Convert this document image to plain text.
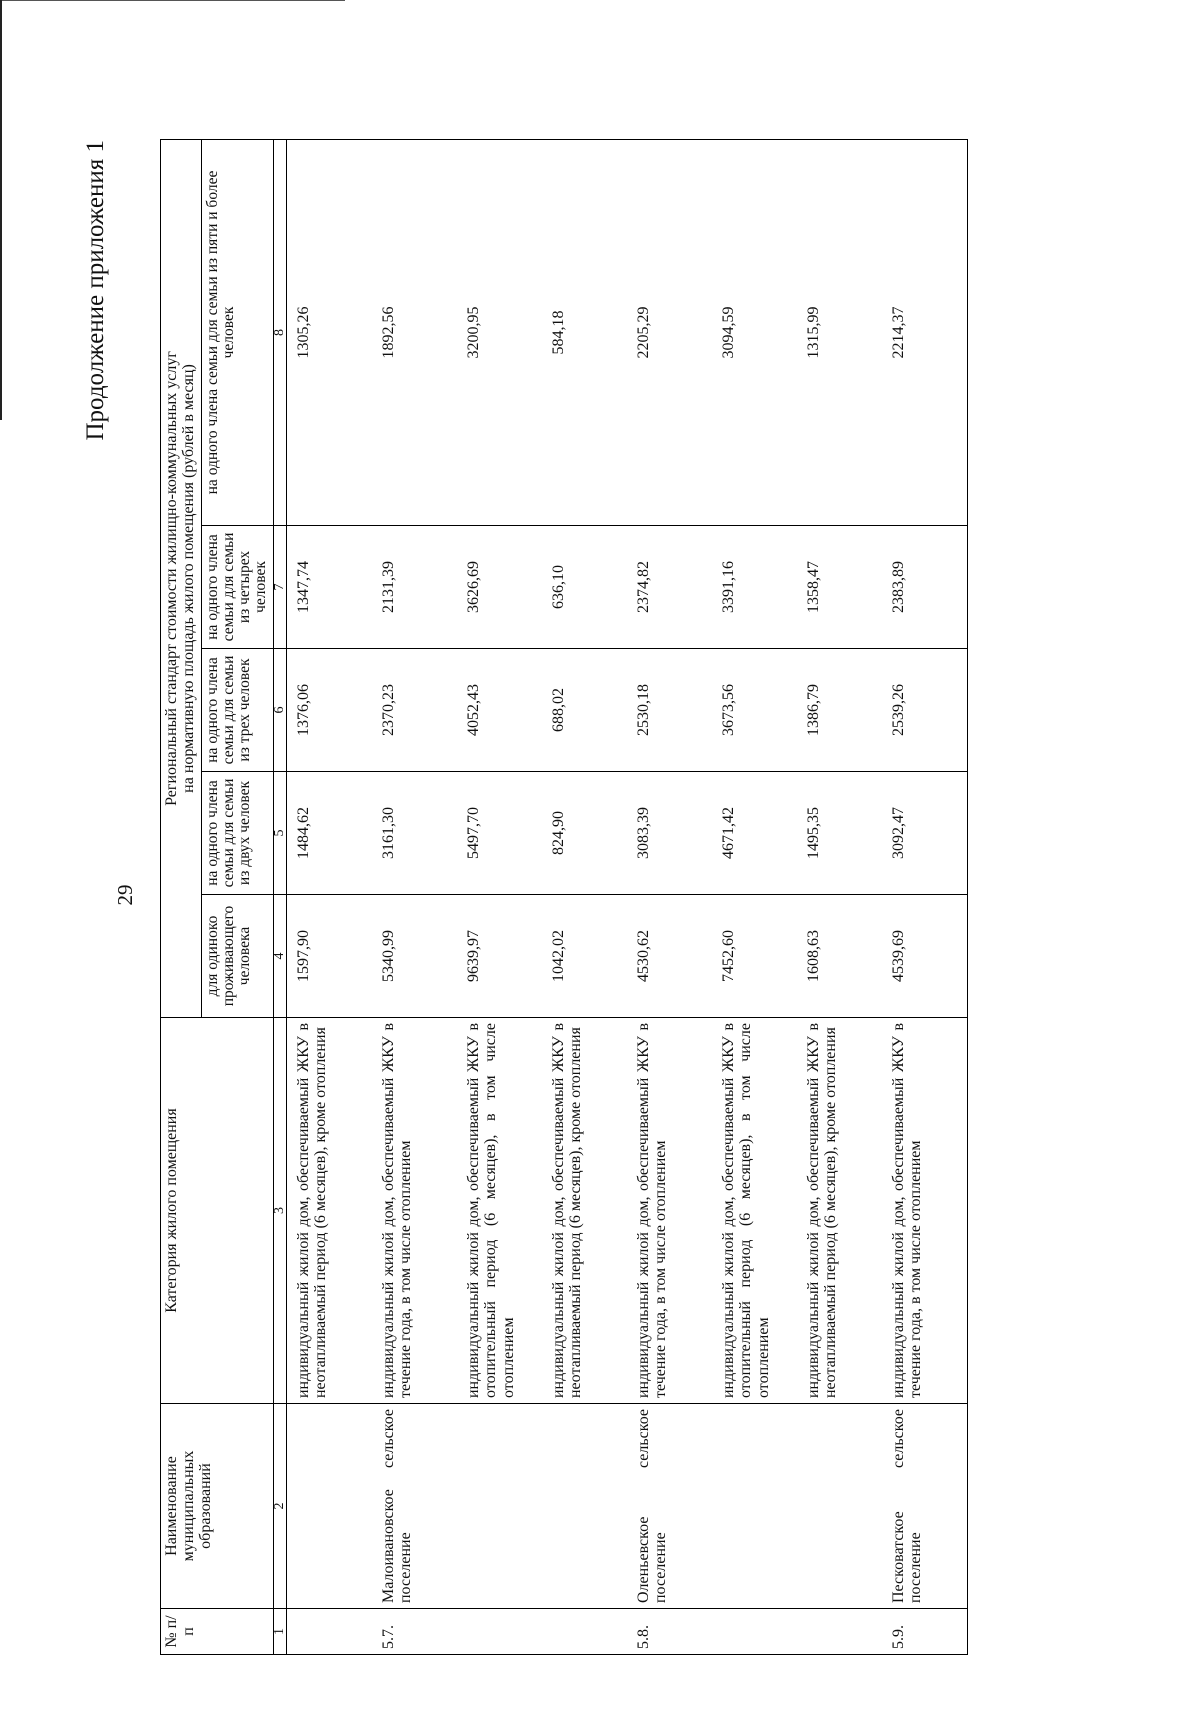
29
Продолжение приложения 1
№ п/п	Наименование муниципальных образований	Категория жилого помещения	Региональный стандарт стоимости жилищно-коммунальных услуг на нормативную площадь жилого помещения (рублей в месяц)				

			для одиноко проживающего человека	на одного члена семьи для семьи из двух человек	на одного члена семьи для семьи из трех человек	на одного члена семьи для семьи из четырех человек	на одного члена семьи для семьи из пяти и более человек
1	2	3	4	5	6	7	8
		индивидуальный жилой дом, обеспечиваемый ЖКУ в неотапливаемый период (6 месяцев), кроме отопления	1597,90	1484,62	1376,06	1347,74	1305,26
5.7.	Малоивановское сельское поселение	индивидуальный жилой дом, обеспечиваемый ЖКУ в течение года, в том числе отоплением	5340,99	3161,30	2370,23	2131,39	1892,56
		индивидуальный жилой дом, обеспечиваемый ЖКУ в отопительный период (6 месяцев), в том числе отоплением	9639,97	5497,70	4052,43	3626,69	3200,95
		индивидуальный жилой дом, обеспечиваемый ЖКУ в неотапливаемый период (6 месяцев), кроме отопления	1042,02	824,90	688,02	636,10	584,18
5.8.	Оленьевское сельское поселение	индивидуальный жилой дом, обеспечиваемый ЖКУ в течение года, в том числе отоплением	4530,62	3083,39	2530,18	2374,82	2205,29
		индивидуальный жилой дом, обеспечиваемый ЖКУ в отопительный период (6 месяцев), в том числе отоплением	7452,60	4671,42	3673,56	3391,16	3094,59
		индивидуальный жилой дом, обеспечиваемый ЖКУ в неотапливаемый период (6 месяцев), кроме отопления	1608,63	1495,35	1386,79	1358,47	1315,99
5.9.	Песковатское сельское поселение	индивидуальный жилой дом, обеспечиваемый ЖКУ в течение года, в том числе отоплением	4539,69	3092,47	2539,26	2383,89	2214,37
